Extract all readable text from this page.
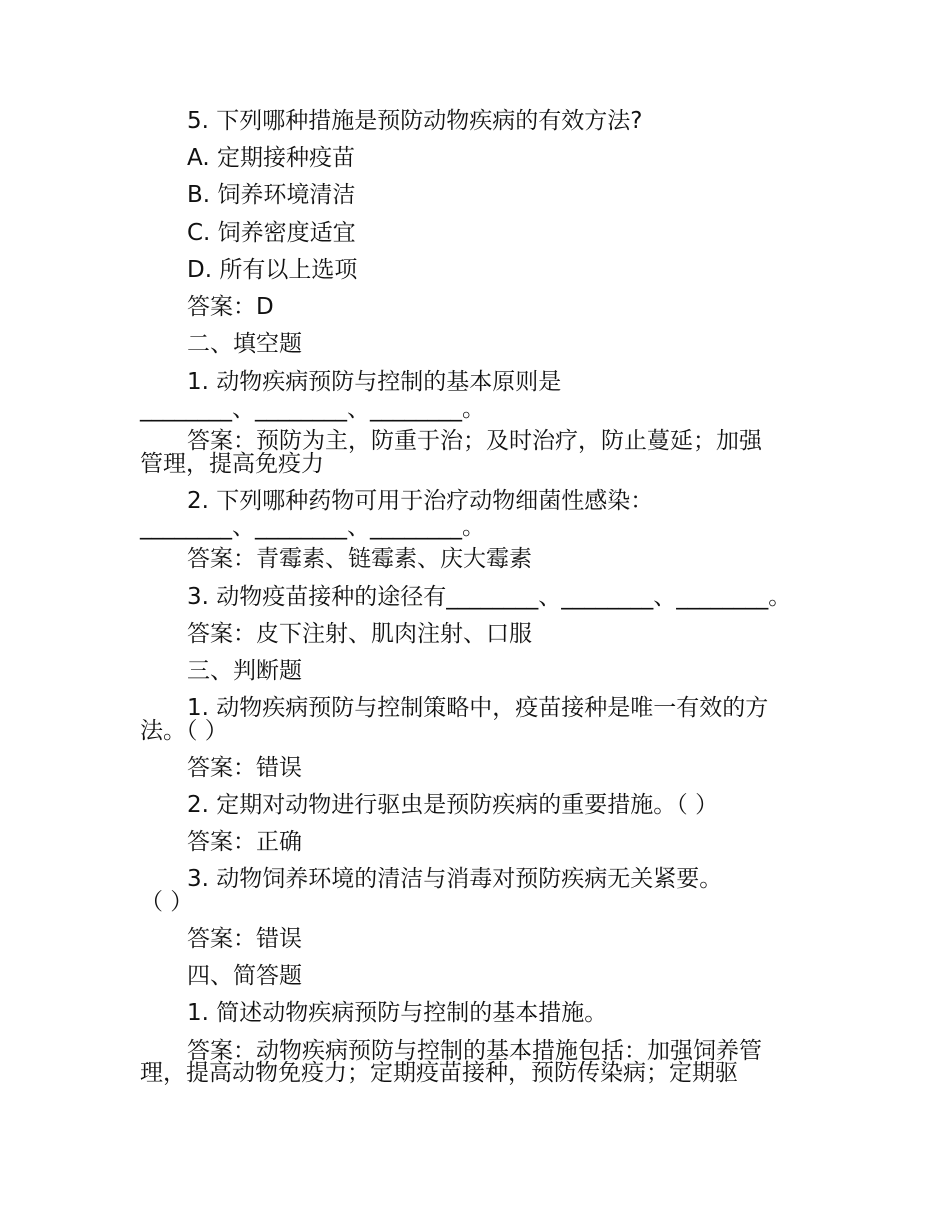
5. 下列哪种措施是预防动物疾病的有效方法?
A. 定期接种疫苗
B. 饲养环境清洁
C. 饲养密度适宜
D. 所有以上选项
答案：D
二、填空题
1. 动物疾病预防与控制的基本原则是
________、________、________。
答案：预防为主，防重于治；及时治疗，防止蔓延；加强
管理，提高免疫力
2. 下列哪种药物可用于治疗动物细菌性感染：
________、________、________。
答案：青霉素、链霉素、庆大霉素
3. 动物疫苗接种的途径有________、________、________。
答案：皮下注射、肌肉注射、口服
三、判断题
1. 动物疾病预防与控制策略中，疫苗接种是唯一有效的方
法。（ ）
答案：错误
2. 定期对动物进行驱虫是预防疾病的重要措施。（ ）
答案：正确
3. 动物饲养环境的清洁与消毒对预防疾病无关紧要。
（ ）
答案：错误
四、简答题
1. 简述动物疾病预防与控制的基本措施。
答案：动物疾病预防与控制的基本措施包括：加强饲养管
理，提高动物免疫力；定期疫苗接种，预防传染病；定期驱
